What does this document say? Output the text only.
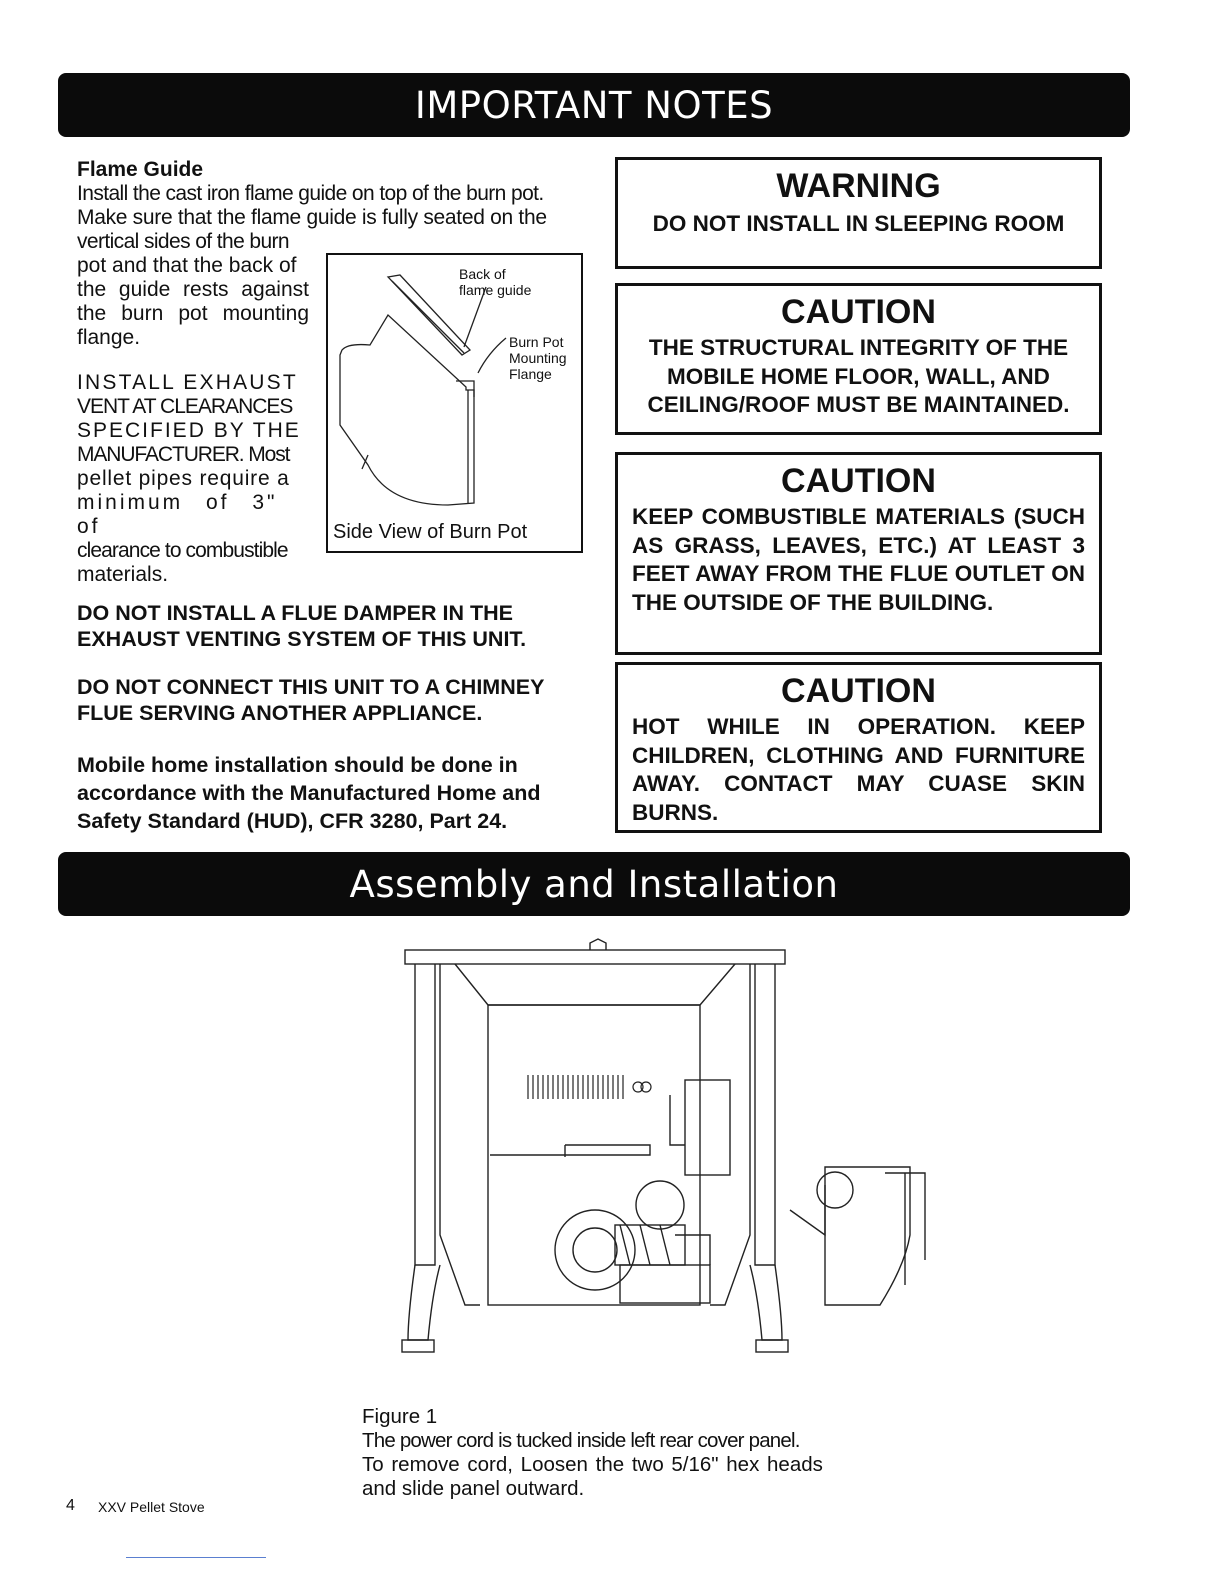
IMPORTANT NOTES
Flame Guide
Install the cast iron flame guide on top of the burn pot.
Make sure that the flame guide is fully seated on the
vertical sides of the burn
pot and that the back of
the guide rests against
the burn pot mounting
flange.
INSTALL EXHAUST
VENT AT CLEARANCES
SPECIFIED BY THE
MANUFACTURER. Most
pellet pipes require a
minimum of 3" of
clearance to combustible
materials.
Back of
flame guide
Burn Pot
Mounting
Flange
Side View of Burn Pot
DO NOT INSTALL A FLUE DAMPER IN THE EXHAUST VENTING SYSTEM OF THIS UNIT.
DO NOT CONNECT THIS UNIT TO A CHIMNEY FLUE SERVING ANOTHER APPLIANCE.
Mobile home installation should be done in accordance with the Manufactured Home and Safety Standard (HUD), CFR 3280, Part 24.
WARNING
DO NOT INSTALL IN SLEEPING ROOM
CAUTION
THE STRUCTURAL INTEGRITY OF THE MOBILE HOME FLOOR, WALL, AND CEILING/ROOF MUST BE MAINTAINED.
CAUTION
KEEP COMBUSTIBLE MATERIALS (SUCH AS GRASS, LEAVES, ETC.) AT LEAST 3 FEET AWAY FROM THE FLUE OUTLET ON THE OUTSIDE OF THE BUILDING.
CAUTION
HOT WHILE IN OPERATION. KEEP CHILDREN, CLOTHING AND FURNITURE AWAY. CONTACT MAY CUASE SKIN BURNS.
Assembly and Installation
Figure 1
The power cord is tucked inside left rear cover panel.
To remove cord, Loosen the two 5/16" hex heads
and slide panel outward.
4 XXV Pellet Stove
